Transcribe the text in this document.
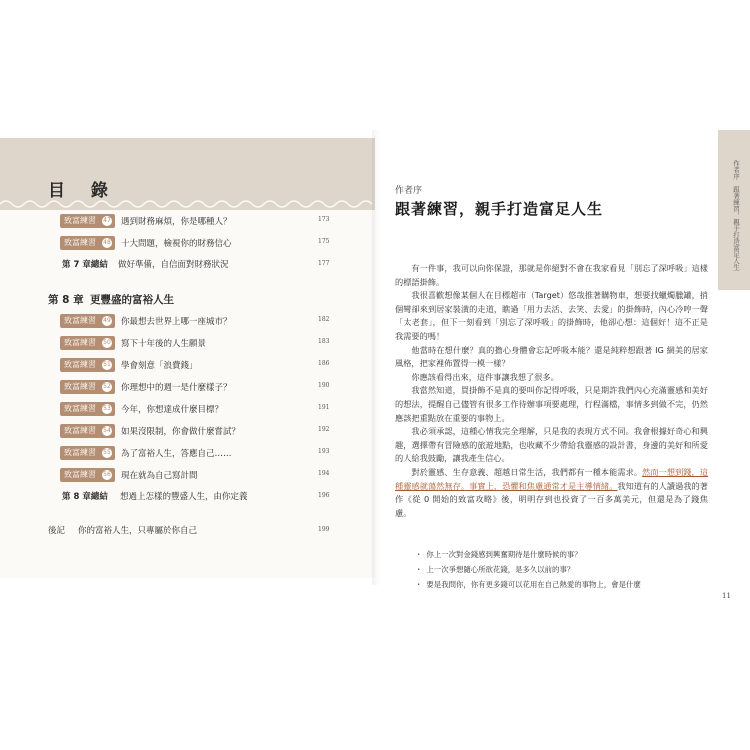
目 錄
致富練習 47 遇到財務麻煩，你是哪種人？	173
致富練習 48 十大問題，檢視你的財務信心	175
第 7 章總結 做好準備，自信面對財務狀況	177
第 8 章 更豐盛的富裕人生
致富練習 49 你最想去世界上哪一座城市？	182
致富練習 50 寫下十年後的人生願景	183
致富練習 51 學會刻意「浪費錢」	186
致富練習 52 你理想中的週一是什麼樣子？	190
致富練習 53 今年，你想達成什麼目標？	191
致富練習 54 如果沒限制，你會做什麼嘗試？	192
致富練習 55 為了富裕人生，答應自己……	193
致富練習 56 現在就為自己寫計間	194
第 8 章總結 想過上怎樣的豐盛人生，由你定義	196
後記 你的富裕人生，只專屬於你自己	199
作者序　跟著練習，親手打造富足人生
作者序
跟著練習，親手打造富足人生

有一件事，我可以向你保證，那就是你絕對不會在我家看見「別忘了深呼吸」這樣的標語掛飾。

我很喜歡想像某個人在目標超市（Target）悠哉推著購物車，想要找蠟燭臘罐，捎個彎卻來到居家裝潢的走道，瞧過「用力去活、去笑、去愛」的掛飾時，內心冷哼一聲「太老套」，但下一刻看到「別忘了深呼吸」的掛飾時，他卻心想：這個好！這不正是我需要的嗎！

他當時在想什麼？真的擔心身體會忘記呼吸本能？還是純粹想跟著 IG 網美的居家風格，把家裡佈置得一模一樣？

你應該看得出來，這件事讓我想了很多。

我當然知道，買掛飾不是真的要叫你記得呼吸，只是期許我們內心充滿靈感和美好的想法，提醒自己儘管有很多工作待辦事項要處理，行程滿檔，事情多到做不完，仍然應該把重點放在重要的事物上。

我必須承認，這種心情我完全理解，只是我的表現方式不同。我會根據好奇心和興趣，選擇帶有冒險感的旅遊地點，也收藏不少帶給我靈感的設計書，身邊的美好和所愛的人給我鼓勵，讓我產生信心。

對於靈感、生存意義、超越日常生活，我們都有一種本能需求。然而一想到錢，這種靈感就蕩然無存。事實上，恐懼和焦慮通常才是主導情緒。我知道有的人讀過我的著作《從 0 開始的致富攻略》後，明明存到也投資了一百多萬美元，但還是為了錢焦慮。

・ 你上一次對金錢感到興奮期待是什麼時候的事？
・ 上一次爭想隨心所欲花錢，是多久以前的事？
・ 要是我問你，你有更多錢可以花用在自己熱愛的事物上，會是什麼
11
